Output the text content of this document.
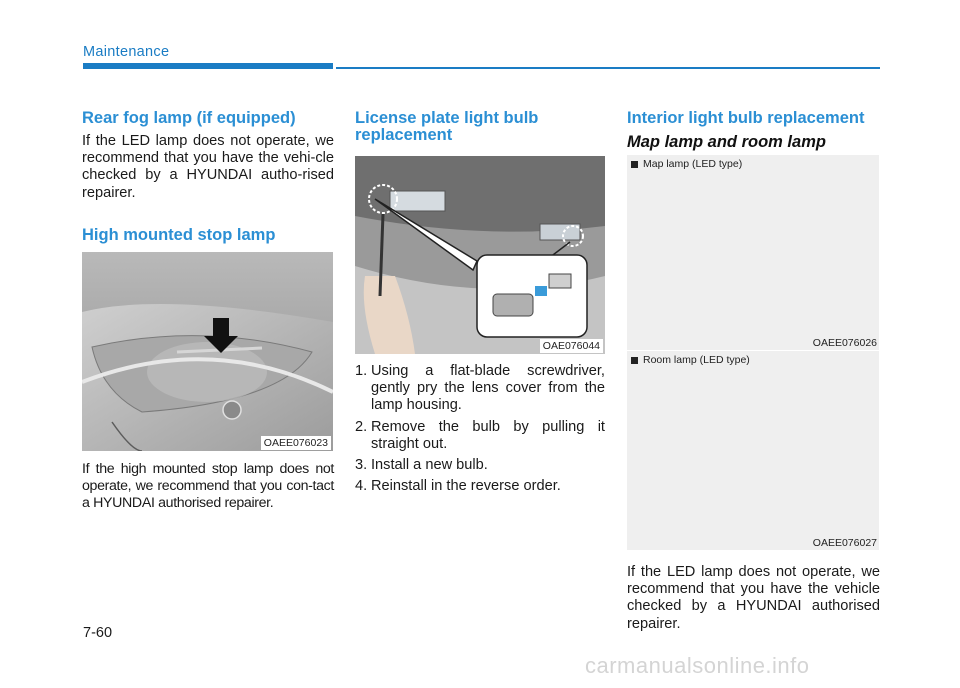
Maintenance
Rear fog lamp (if equipped)
If the LED lamp does not operate, we recommend that you have the vehi-cle checked by a HYUNDAI autho-rised repairer.
High mounted stop lamp
OAEE076023
If the high mounted stop lamp does not operate, we recommend that you con-tact a HYUNDAI authorised repairer.
License plate light bulb replacement
OAE076044
1. Using a flat-blade screwdriver, gently pry the lens cover from the lamp housing.
2. Remove the bulb by pulling it straight out.
3. Install a new bulb.
4. Reinstall in the reverse order.
Interior light bulb replacement
Map lamp and room lamp
Map lamp (LED type)
OAEE076026
Room lamp (LED type)
OAEE076027
If the LED lamp does not operate, we recommend that you have the vehicle checked by a HYUNDAI authorised repairer.
7-60
carmanualsonline.info
